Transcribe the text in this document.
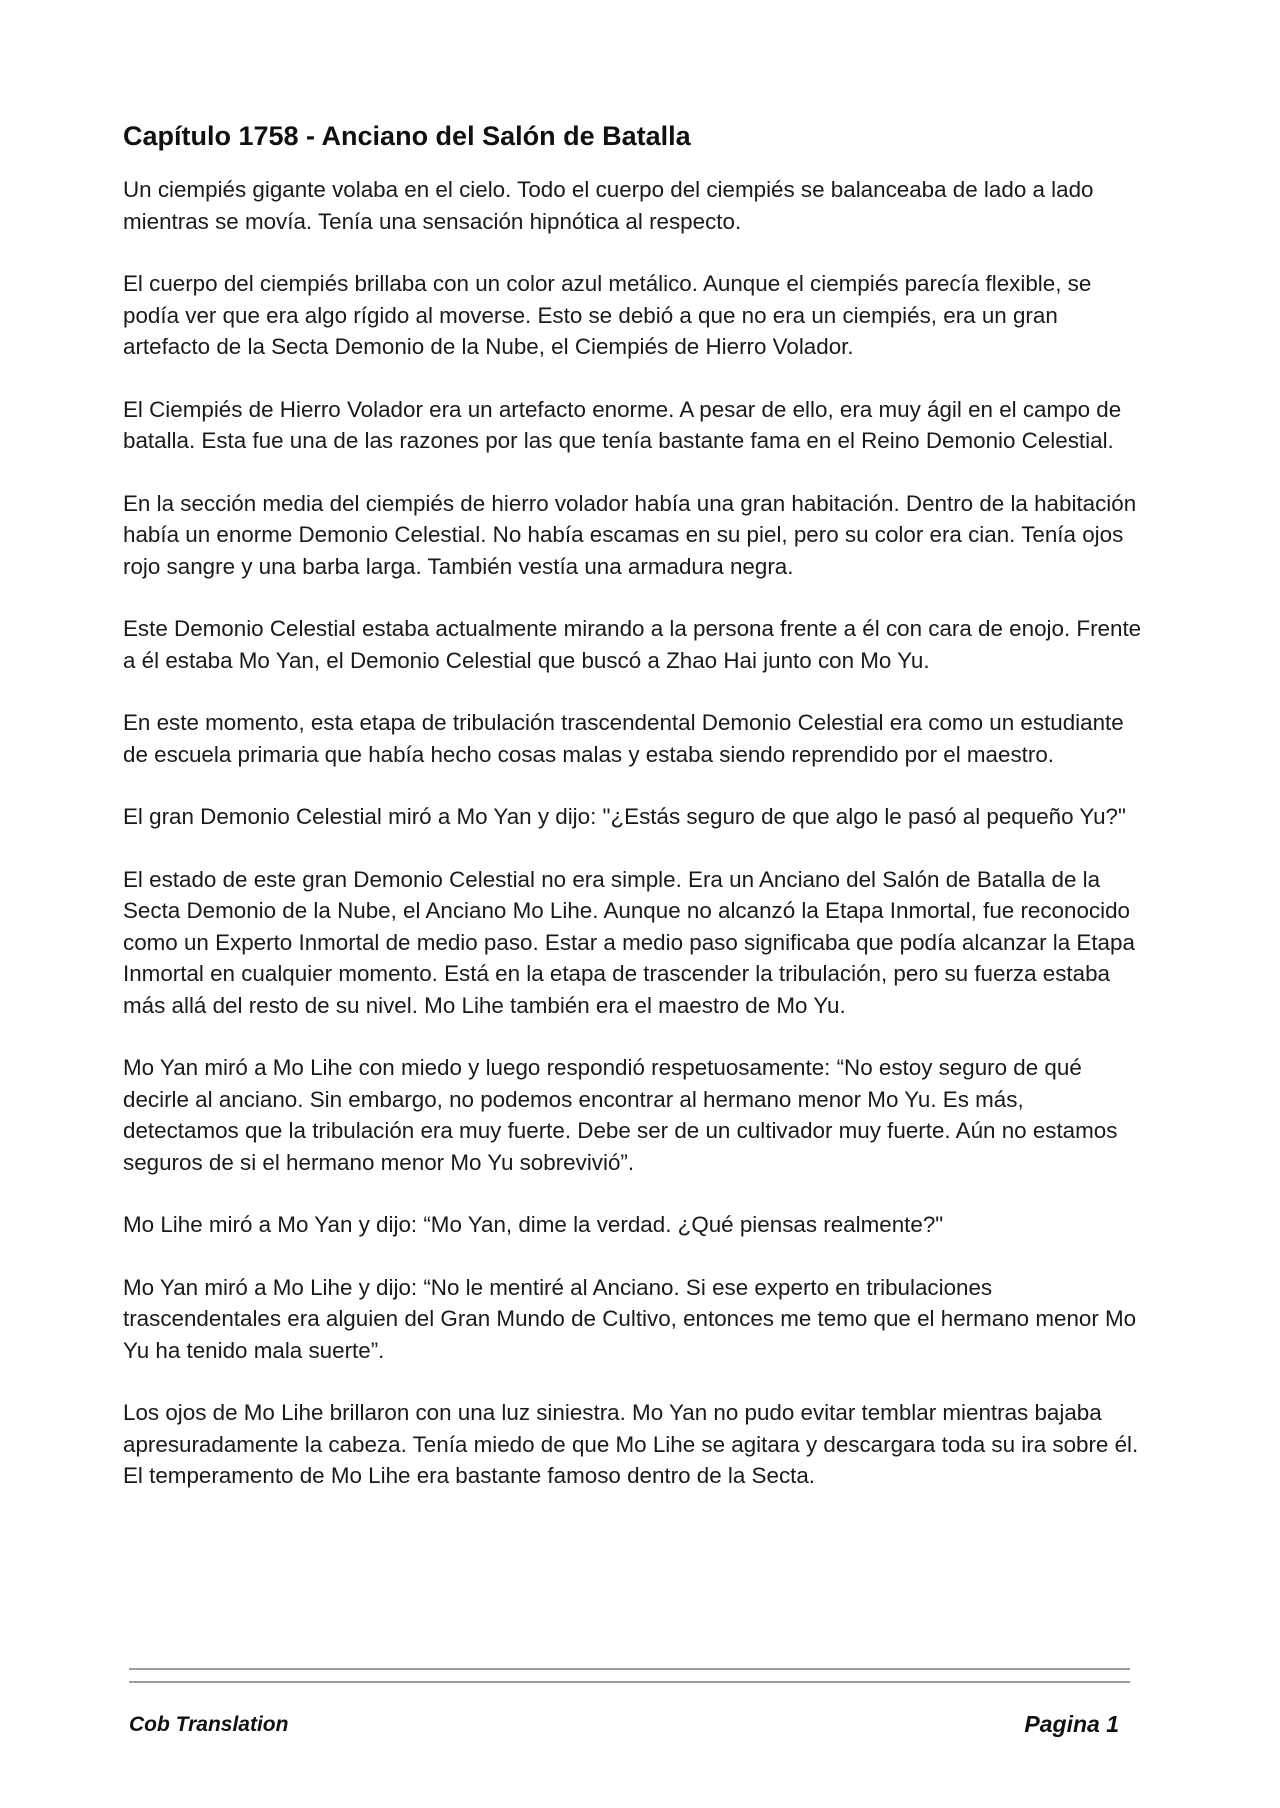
Capítulo 1758 - Anciano del Salón de Batalla

Un ciempiés gigante volaba en el cielo. Todo el cuerpo del ciempiés se balanceaba de lado a lado mientras se movía. Tenía una sensación hipnótica al respecto.

El cuerpo del ciempiés brillaba con un color azul metálico. Aunque el ciempiés parecía flexible, se podía ver que era algo rígido al moverse. Esto se debió a que no era un ciempiés, era un gran artefacto de la Secta Demonio de la Nube, el Ciempiés de Hierro Volador.

El Ciempiés de Hierro Volador era un artefacto enorme. A pesar de ello, era muy ágil en el campo de batalla. Esta fue una de las razones por las que tenía bastante fama en el Reino Demonio Celestial.

En la sección media del ciempiés de hierro volador había una gran habitación. Dentro de la habitación había un enorme Demonio Celestial. No había escamas en su piel, pero su color era cian. Tenía ojos rojo sangre y una barba larga. También vestía una armadura negra.

Este Demonio Celestial estaba actualmente mirando a la persona frente a él con cara de enojo. Frente a él estaba Mo Yan, el Demonio Celestial que buscó a Zhao Hai junto con Mo Yu.

En este momento, esta etapa de tribulación trascendental Demonio Celestial era como un estudiante de escuela primaria que había hecho cosas malas y estaba siendo reprendido por el maestro.

El gran Demonio Celestial miró a Mo Yan y dijo: "¿Estás seguro de que algo le pasó al pequeño Yu?"

El estado de este gran Demonio Celestial no era simple. Era un Anciano del Salón de Batalla de la Secta Demonio de la Nube, el Anciano Mo Lihe. Aunque no alcanzó la Etapa Inmortal, fue reconocido como un Experto Inmortal de medio paso. Estar a medio paso significaba que podía alcanzar la Etapa Inmortal en cualquier momento. Está en la etapa de trascender la tribulación, pero su fuerza estaba más allá del resto de su nivel. Mo Lihe también era el maestro de Mo Yu.

Mo Yan miró a Mo Lihe con miedo y luego respondió respetuosamente: “No estoy seguro de qué decirle al anciano. Sin embargo, no podemos encontrar al hermano menor Mo Yu. Es más, detectamos que la tribulación era muy fuerte. Debe ser de un cultivador muy fuerte. Aún no estamos seguros de si el hermano menor Mo Yu sobrevivió”.

Mo Lihe miró a Mo Yan y dijo: “Mo Yan, dime la verdad. ¿Qué piensas realmente?"

Mo Yan miró a Mo Lihe y dijo: “No le mentiré al Anciano. Si ese experto en tribulaciones trascendentales era alguien del Gran Mundo de Cultivo, entonces me temo que el hermano menor Mo Yu ha tenido mala suerte”.

Los ojos de Mo Lihe brillaron con una luz siniestra. Mo Yan no pudo evitar temblar mientras bajaba apresuradamente la cabeza. Tenía miedo de que Mo Lihe se agitara y descargara toda su ira sobre él. El temperamento de Mo Lihe era bastante famoso dentro de la Secta.

Cob Translation	Pagina 1
